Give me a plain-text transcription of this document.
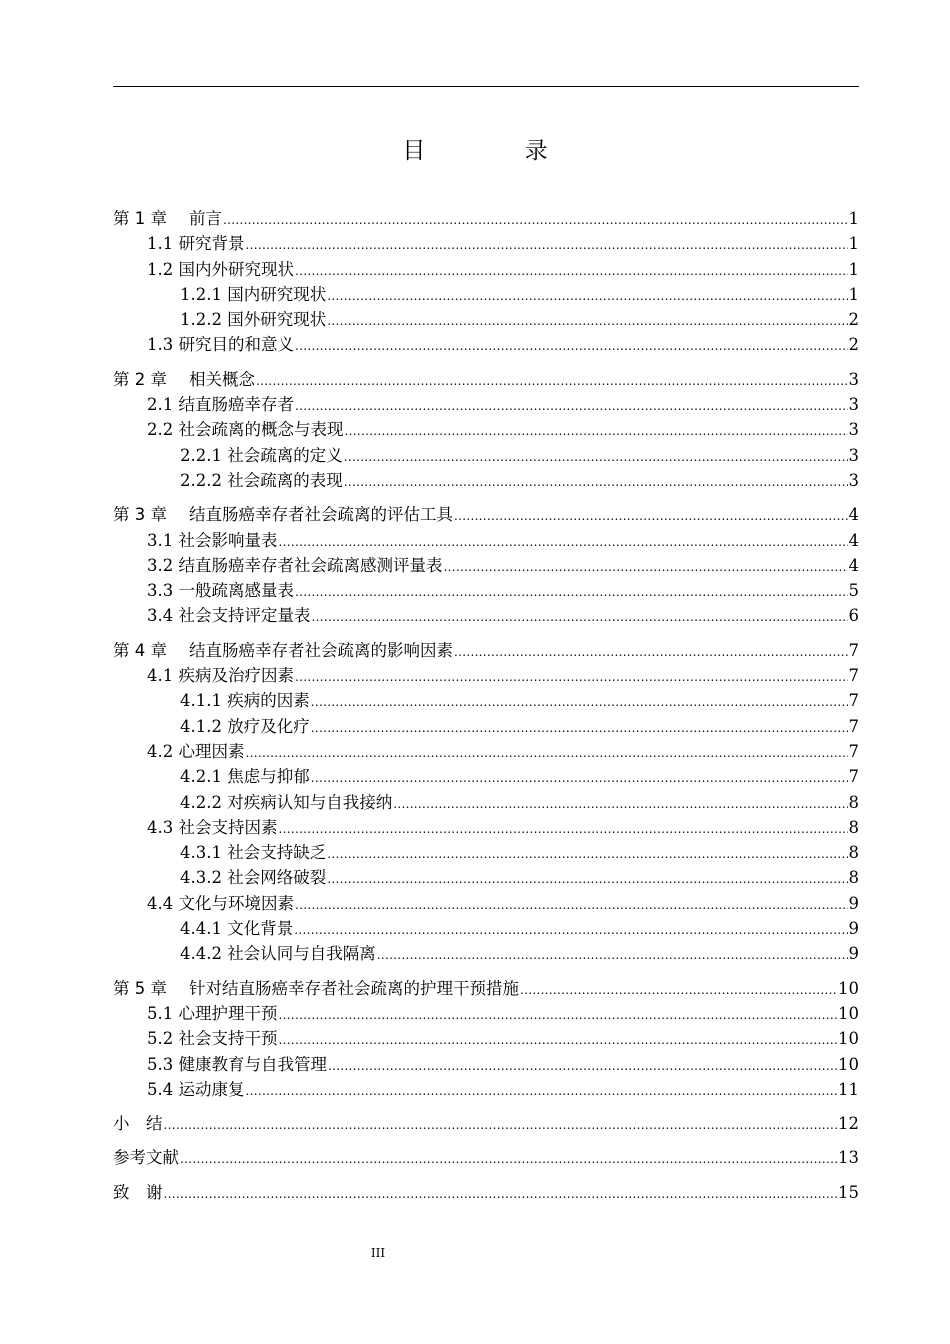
目 录
第 1 章 前言 .....	1
1.1 研究背景 .....	1
1.2 国内外研究现状 .....	1
1.2.1 国内研究现状 .....	1
1.2.2 国外研究现状 .....	2
1.3 研究目的和意义 .....	2
第 2 章 相关概念 .....	3
2.1 结直肠癌幸存者 .....	3
2.2 社会疏离的概念与表现 .....	3
2.2.1 社会疏离的定义 .....	3
2.2.2 社会疏离的表现 .....	3
第 3 章 结直肠癌幸存者社会疏离的评估工具 .....	4
3.1 社会影响量表 .....	4
3.2 结直肠癌幸存者社会疏离感测评量表 .....	4
3.3 一般疏离感量表 .....	5
3.4 社会支持评定量表 .....	6
第 4 章 结直肠癌幸存者社会疏离的影响因素 .....	7
4.1 疾病及治疗因素 .....	7
4.1.1 疾病的因素 .....	7
4.1.2 放疗及化疗 .....	7
4.2 心理因素 .....	7
4.2.1 焦虑与抑郁 .....	7
4.2.2 对疾病认知与自我接纳 .....	8
4.3 社会支持因素 .....	8
4.3.1 社会支持缺乏 .....	8
4.3.2 社会网络破裂 .....	8
4.4 文化与环境因素 .....	9
4.4.1 文化背景 .....	9
4.4.2 社会认同与自我隔离 .....	9
第 5 章 针对结直肠癌幸存者社会疏离的护理干预措施 .....	10
5.1 心理护理干预 .....	10
5.2 社会支持干预 .....	10
5.3 健康教育与自我管理 .....	10
5.4 运动康复 .....	11
小　结 .....	12
参考文献 .....	13
致　谢 .....	15
III
